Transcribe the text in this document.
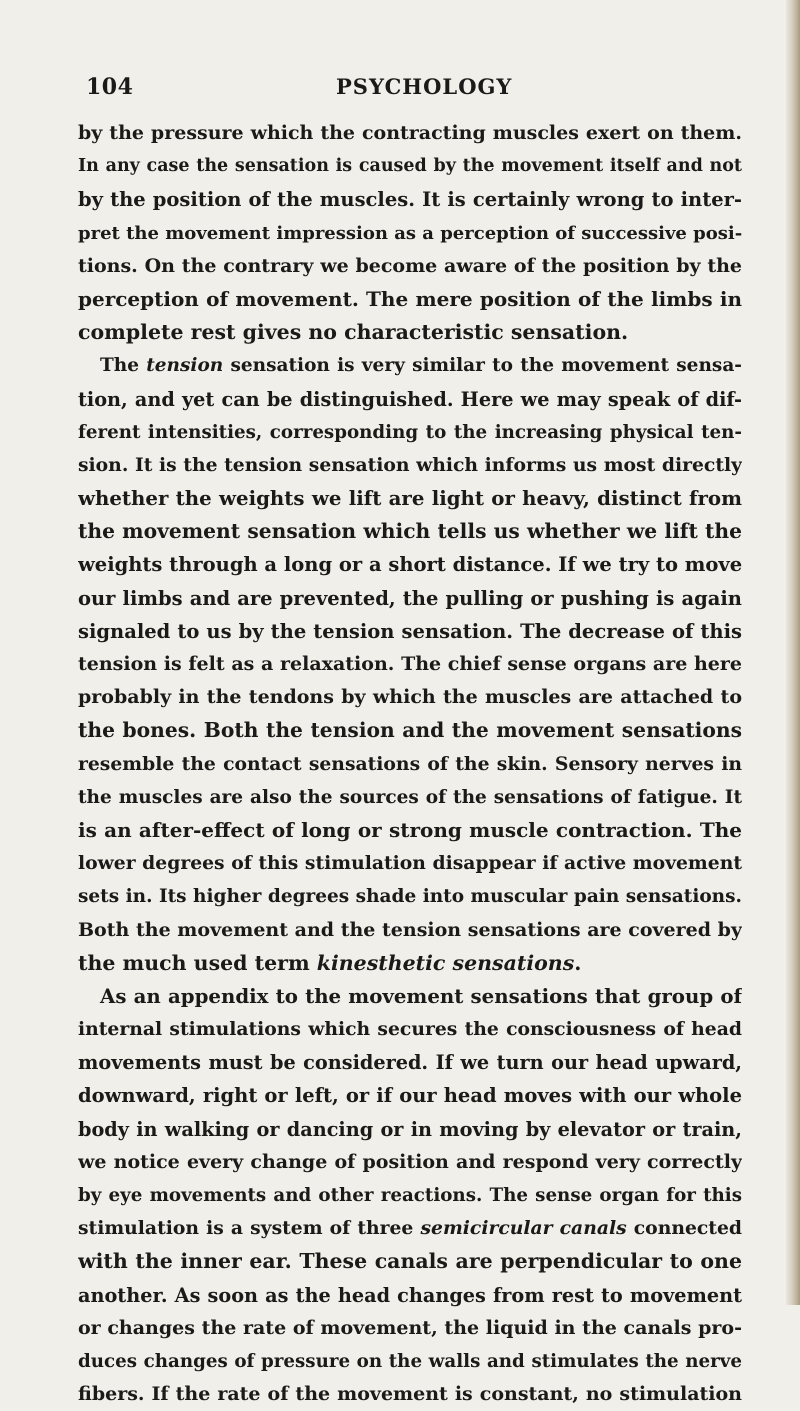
104	PSYCHOLOGY
by the pressure which the contracting muscles exert on them.
In any case the sensation is caused by the movement itself and not
by the position of the muscles. It is certainly wrong to inter-
pret the movement impression as a perception of successive posi-
tions. On the contrary we become aware of the position by the
perception of movement. The mere position of the limbs in
complete rest gives no characteristic sensation.
The tension sensation is very similar to the movement sensa-
tion, and yet can be distinguished. Here we may speak of dif-
ferent intensities, corresponding to the increasing physical ten-
sion. It is the tension sensation which informs us most directly
whether the weights we lift are light or heavy, distinct from
the movement sensation which tells us whether we lift the
weights through a long or a short distance. If we try to move
our limbs and are prevented, the pulling or pushing is again
signaled to us by the tension sensation. The decrease of this
tension is felt as a relaxation. The chief sense organs are here
probably in the tendons by which the muscles are attached to
the bones. Both the tension and the movement sensations
resemble the contact sensations of the skin. Sensory nerves in
the muscles are also the sources of the sensations of fatigue. It
is an after-effect of long or strong muscle contraction. The
lower degrees of this stimulation disappear if active movement
sets in. Its higher degrees shade into muscular pain sensations.
Both the movement and the tension sensations are covered by
the much used term kinesthetic sensations.
As an appendix to the movement sensations that group of
internal stimulations which secures the consciousness of head
movements must be considered. If we turn our head upward,
downward, right or left, or if our head moves with our whole
body in walking or dancing or in moving by elevator or train,
we notice every change of position and respond very correctly
by eye movements and other reactions. The sense organ for this
stimulation is a system of three semicircular canals connected
with the inner ear. These canals are perpendicular to one
another. As soon as the head changes from rest to movement
or changes the rate of movement, the liquid in the canals pro-
duces changes of pressure on the walls and stimulates the nerve
fibers. If the rate of the movement is constant, no stimulation
